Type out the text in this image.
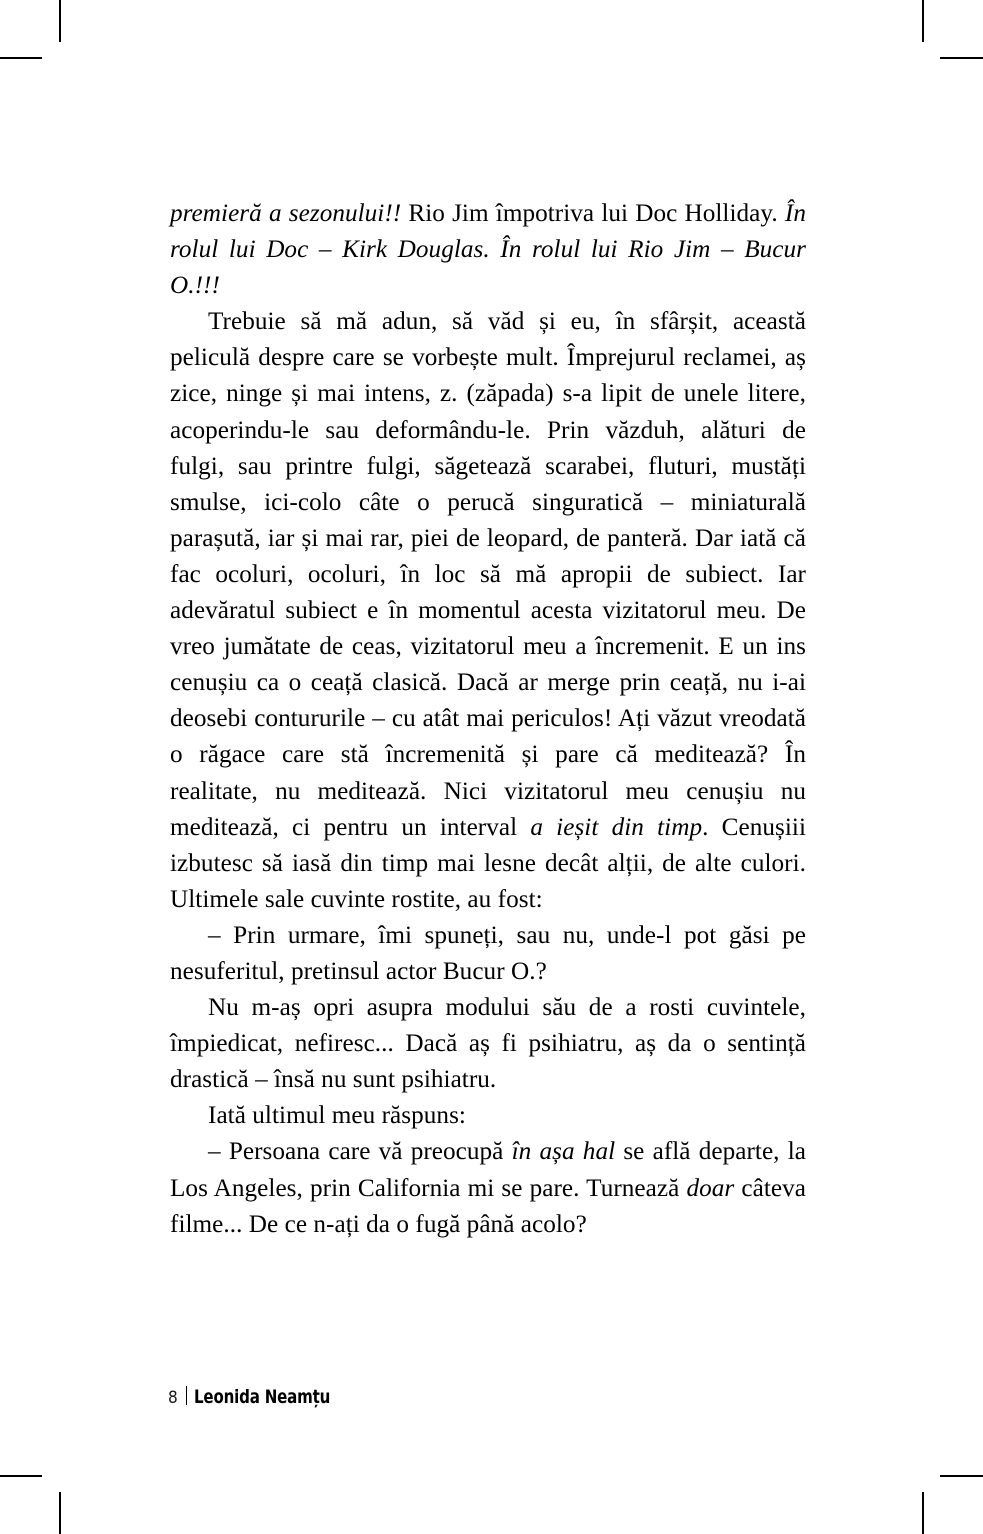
premieră a sezonului!! Rio Jim împotriva lui Doc Holliday. În rolul lui Doc – Kirk Douglas. În rolul lui Rio Jim – Bucur O.!!!

Trebuie să mă adun, să văd și eu, în sfârșit, această peliculă despre care se vorbește mult. Împrejurul reclamei, aș zice, ninge și mai intens, z. (zăpada) s-a lipit de unele litere, acoperindu-le sau deformându-le. Prin văzduh, alături de fulgi, sau printre fulgi, săgetează scarabei, fluturi, mustăți smulse, ici-colo câte o perucă singuratică – miniaturală parașută, iar și mai rar, piei de leopard, de panteră. Dar iată că fac ocoluri, ocoluri, în loc să mă apropii de subiect. Iar adevăratul subiect e în momentul acesta vizitatorul meu. De vreo jumătate de ceas, vizitatorul meu a încremenit. E un ins cenușiu ca o ceață clasică. Dacă ar merge prin ceață, nu i-ai deosebi contururile – cu atât mai periculos! Ați văzut vreodată o răgace care stă încremenită și pare că meditează? În realitate, nu meditează. Nici vizitatorul meu cenușiu nu meditează, ci pentru un interval a ieșit din timp. Cenușiii izbutesc să iasă din timp mai lesne decât alții, de alte culori. Ultimele sale cuvinte rostite, au fost:

– Prin urmare, îmi spuneți, sau nu, unde-l pot găsi pe nesuferitul, pretinsul actor Bucur O.?

Nu m-aș opri asupra modului său de a rosti cuvintele, împiedicat, nefiresc... Dacă aș fi psihiatru, aș da o sentință drastică – însă nu sunt psihiatru.

Iată ultimul meu răspuns:

– Persoana care vă preocupă în așa hal se află departe, la Los Angeles, prin California mi se pare. Turnează doar câteva filme... De ce n-ați da o fugă până acolo?

8 Leonida Neamțu
